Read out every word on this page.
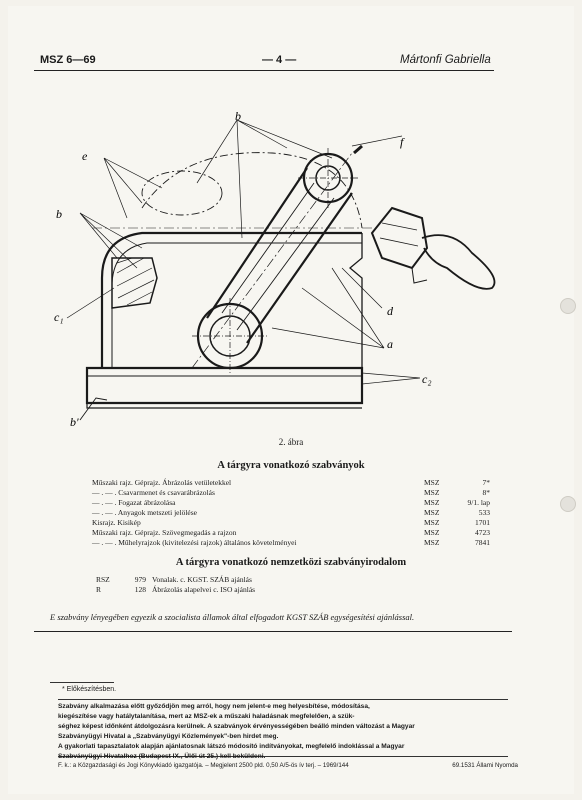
MSZ 6—69	— 4 —	Mártonfi Gabriella
b
e
f
b
c₁	d
a
c₂
b'
2. ábra
A tárgyra vonatkozó szabványok
Műszaki rajz. Géprajz. Ábrázolás vetületekkel	MSZ	7*
— . — . Csavarmenet és csavarábrázolás	MSZ	8*
— . — . Fogazat ábrázolása	MSZ	9/1. lap
— . — . Anyagok metszeti jelölése	MSZ	533
Kisrajz. Kisikép	MSZ	1701
Műszaki rajz. Géprajz. Szövegmegadás a rajzon	MSZ	4723
— . — . Műhelyrajzok (kivitelezési rajzok) általános követelményei	MSZ	7841
A tárgyra vonatkozó nemzetközi szabványirodalom
RSZ	979 Vonalak. c. KGST. SZÁB ajánlás
R	128 Ábrázolás alapelvei c. ISO ajánlás
E szabvány lényegében egyezik a szocialista államok által elfogadott KGST SZÁB egységesítési ajánlással.
* Előkészítésben.
Szabvány alkalmazása előtt győződjön meg arról, hogy nem jelent-e meg helyesbítése, módosítása,
kiegészítése vagy hatálytalanítása, mert az MSZ-ek a műszaki haladásnak megfelelően, a szük-
séghez képest időnként átdolgozásra kerülnek. A szabványok érvényességében beálló minden változást a Magyar
Szabványügyi Hivatal a „Szabványügyi Közlemények"-ben hirdet meg.
A gyakorlati tapasztalatok alapján ajánlatosnak látszó módosító indítványokat, megfelelő indoklással a Magyar
Szabványügyi Hivatalhoz (Budapest IX., Ülői út 25.) kell beküldeni.
F. k.: a Közgazdasági és Jogi Könyvkiadó igazgatója. – Megjelent 2500 pld. 0,50 A/5-ös ív terj. – 1969/144	69.1531 Állami Nyomda
